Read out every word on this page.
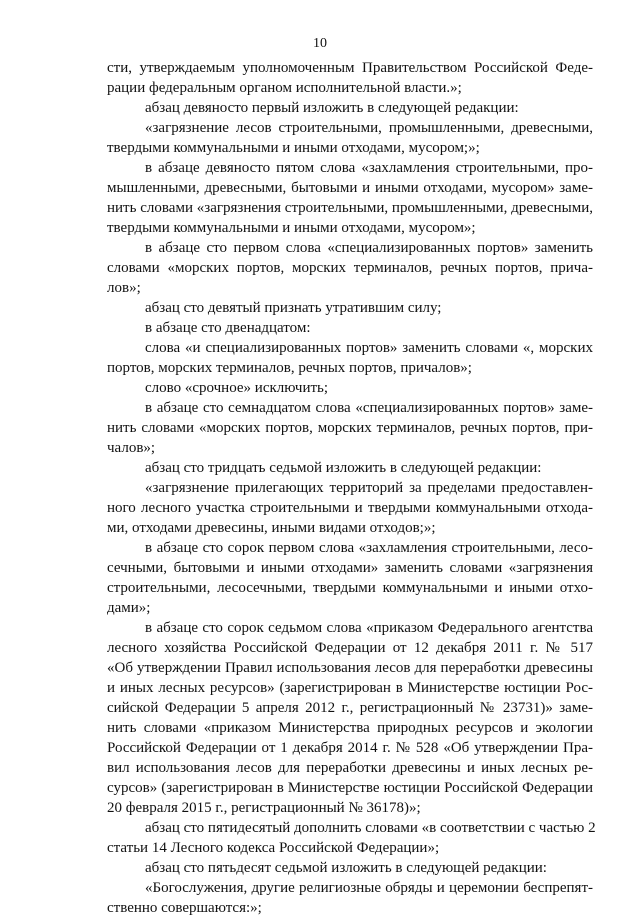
10
сти, утверждаемым уполномоченным Правительством Российской Феде-
рации федеральным органом исполнительной власти.»;
абзац девяносто первый изложить в следующей редакции:
«загрязнение лесов строительными, промышленными, древесными,
твердыми коммунальными и иными отходами, мусором;»;
в абзаце девяносто пятом слова «захламления строительными, про-
мышленными, древесными, бытовыми и иными отходами, мусором» заме-
нить словами «загрязнения строительными, промышленными, древесными,
твердыми коммунальными и иными отходами, мусором»;
в абзаце сто первом слова «специализированных портов» заменить
словами «морских портов, морских терминалов, речных портов, прича-
лов»;
абзац сто девятый признать утратившим силу;
в абзаце сто двенадцатом:
слова «и специализированных портов» заменить словами «, морских
портов, морских терминалов, речных портов, причалов»;
слово «срочное» исключить;
в абзаце сто семнадцатом слова «специализированных портов» заме-
нить словами «морских портов, морских терминалов, речных портов, при-
чалов»;
абзац сто тридцать седьмой изложить в следующей редакции:
«загрязнение прилегающих территорий за пределами предоставлен-
ного лесного участка строительными и твердыми коммунальными отхода-
ми, отходами древесины, иными видами отходов;»;
в абзаце сто сорок первом слова «захламления строительными, лесо-
сечными, бытовыми и иными отходами» заменить словами «загрязнения
строительными, лесосечными, твердыми коммунальными и иными отхо-
дами»;
в абзаце сто сорок седьмом слова «приказом Федерального агентства
лесного хозяйства Российской Федерации от 12 декабря 2011 г. № 517
«Об утверждении Правил использования лесов для переработки древесины
и иных лесных ресурсов» (зарегистрирован в Министерстве юстиции Рос-
сийской Федерации 5 апреля 2012 г., регистрационный № 23731)» заме-
нить словами «приказом Министерства природных ресурсов и экологии
Российской Федерации от 1 декабря 2014 г. № 528 «Об утверждении Пра-
вил использования лесов для переработки древесины и иных лесных ре-
сурсов» (зарегистрирован в Министерстве юстиции Российской Федерации
20 февраля 2015 г., регистрационный № 36178)»;
абзац сто пятидесятый дополнить словами «в соответствии с частью 2
статьи 14 Лесного кодекса Российской Федерации»;
абзац сто пятьдесят седьмой изложить в следующей редакции:
«Богослужения, другие религиозные обряды и церемонии беспрепят-
ственно совершаются:»;
